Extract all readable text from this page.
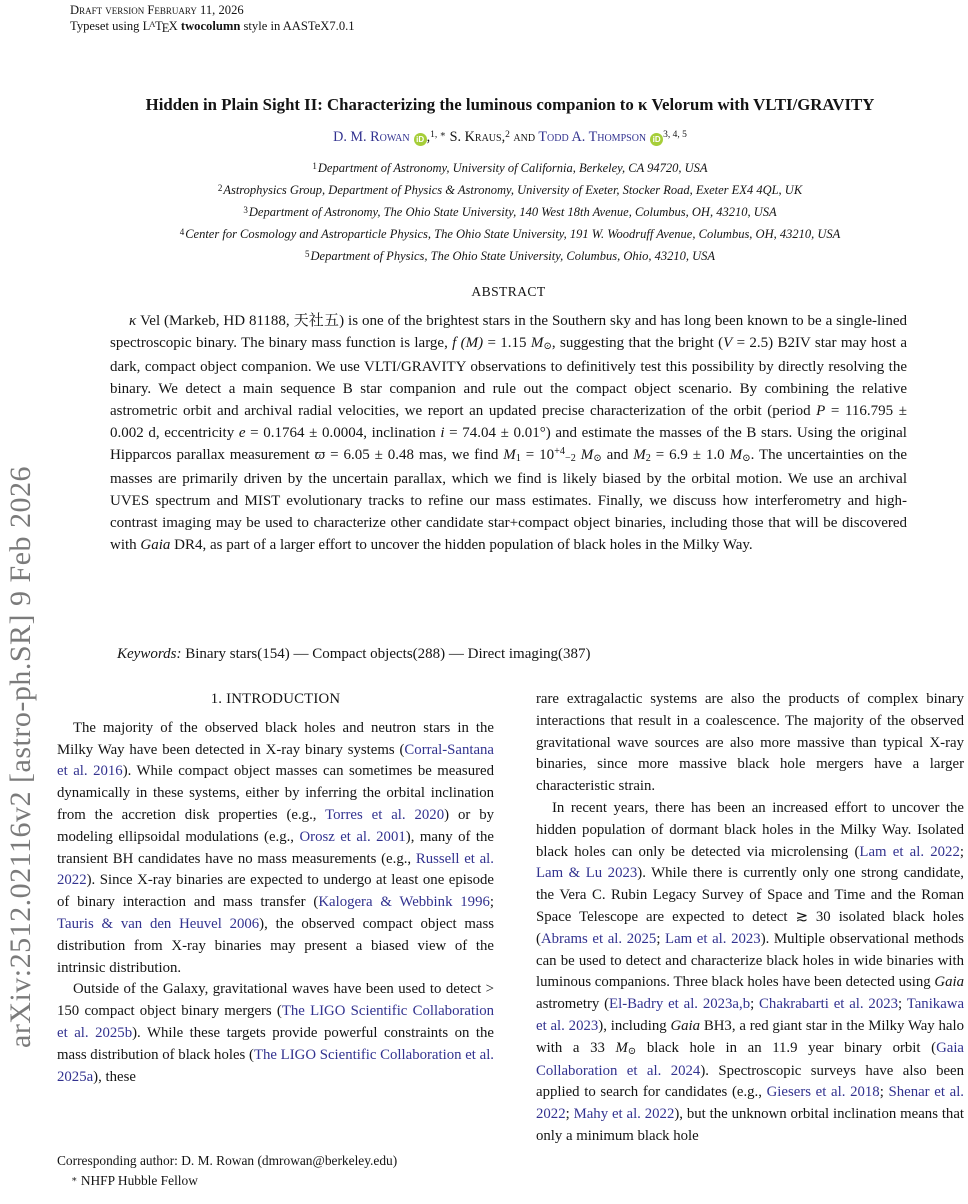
arXiv:2512.02116v2 [astro-ph.SR] 9 Feb 2026
Draft version February 11, 2026
Typeset using $L^ATEX$ twocolumn style in AASTeX7.0.1
Hidden in Plain Sight II: Characterizing the luminous companion to κ Velorum with VLTI/GRAVITY
D. M. Rowan iD ,$^{1, ∗}$ S. Kraus,$^2$ and Todd A. Thompson iD $^{3, 4, 5}$
$^1$Department of Astronomy, University of California, Berkeley, CA 94720, USA
$^2$Astrophysics Group, Department of Physics & Astronomy, University of Exeter, Stocker Road, Exeter EX4 4QL, UK
$^3$Department of Astronomy, The Ohio State University, 140 West 18th Avenue, Columbus, OH, 43210, USA
$^4$Center for Cosmology and Astroparticle Physics, The Ohio State University, 191 W. Woodruff Avenue, Columbus, OH, 43210, USA
$^5$Department of Physics, The Ohio State University, Columbus, Ohio, 43210, USA
ABSTRACT

κ Vel (Markeb, HD 81188, 天社五) is one of the brightest stars in the Southern sky and has long been known to be a single-lined spectroscopic binary. The binary mass function is large, f (M) = 1.15 M⊙, suggesting that the bright (V = 2.5) B2IV star may host a dark, compact object companion. We use VLTI/GRAVITY observations to definitively test this possibility by directly resolving the binary. We detect a main sequence B star companion and rule out the compact object scenario. By combining the relative astrometric orbit and archival radial velocities, we report an updated precise characterization of the orbit (period P = 116.795 ± 0.002 d, eccentricity e = 0.1764 ± 0.0004, inclination i = 74.04 ± 0.01°) and estimate the masses of the B stars. Using the original Hipparcos parallax measurement ϖ = 6.05 ± 0.48 mas, we find $M1 = 10^{+4}-2$ M⊙ and M2 = 6.9 ± 1.0 M⊙. The uncertainties on the masses are primarily driven by the uncertain parallax, which we find is likely biased by the orbital motion. We use an archival UVES spectrum and MIST evolutionary tracks to refine our mass estimates. Finally, we discuss how interferometry and high-contrast imaging may be used to characterize other candidate star+compact object binaries, including those that will be discovered with Gaia DR4, as part of a larger effort to uncover the hidden population of black holes in the Milky Way.

Keywords: Binary stars(154) — Compact objects(288) — Direct imaging(387)
1. INTRODUCTION

The majority of the observed black holes and neutron stars in the Milky Way have been detected in X-ray binary systems (Corral-Santana et al. 2016). While compact object masses can sometimes be measured dynamically in these systems, either by inferring the orbital inclination from the accretion disk properties (e.g., Torres et al. 2020) or by modeling ellipsoidal modulations (e.g., Orosz et al. 2001), many of the transient BH candidates have no mass measurements (e.g., Russell et al. 2022). Since X-ray binaries are expected to undergo at least one episode of binary interaction and mass transfer (Kalogera & Webbink 1996; Tauris & van den Heuvel 2006), the observed compact object mass distribution from X-ray binaries may present a biased view of the intrinsic distribution.

Outside of the Galaxy, gravitational waves have been used to detect > 150 compact object binary mergers (The LIGO Scientific Collaboration et al. 2025b). While these targets provide powerful constraints on the mass distribution of black holes (The LIGO Scientific Collaboration et al. 2025a), these

rare extragalactic systems are also the products of complex binary interactions that result in a coalescence. The majority of the observed gravitational wave sources are also more massive than typical X-ray binaries, since more massive black hole mergers have a larger characteristic strain.

In recent years, there has been an increased effort to uncover the hidden population of dormant black holes in the Milky Way. Isolated black holes can only be detected via microlensing (Lam et al. 2022; Lam & Lu 2023). While there is currently only one strong candidate, the Vera C. Rubin Legacy Survey of Space and Time and the Roman Space Telescope are expected to detect ≳ 30 isolated black holes (Abrams et al. 2025; Lam et al. 2023). Multiple observational methods can be used to detect and characterize black holes in wide binaries with luminous companions. Three black holes have been detected using Gaia astrometry (El-Badry et al. 2023a,b; Chakrabarti et al. 2023; Tanikawa et al. 2023), including Gaia BH3, a red giant star in the Milky Way halo with a 33 M⊙ black hole in an 11.9 year binary orbit (Gaia Collaboration et al. 2024). Spectroscopic surveys have also been applied to search for candidates (e.g., Giesers et al. 2018; Shenar et al. 2022; Mahy et al. 2022), but the unknown orbital inclination means that only a minimum black hole

Corresponding author: D. M. Rowan (dmrowan@berkeley.edu)
∗ NHFP Hubble Fellow
